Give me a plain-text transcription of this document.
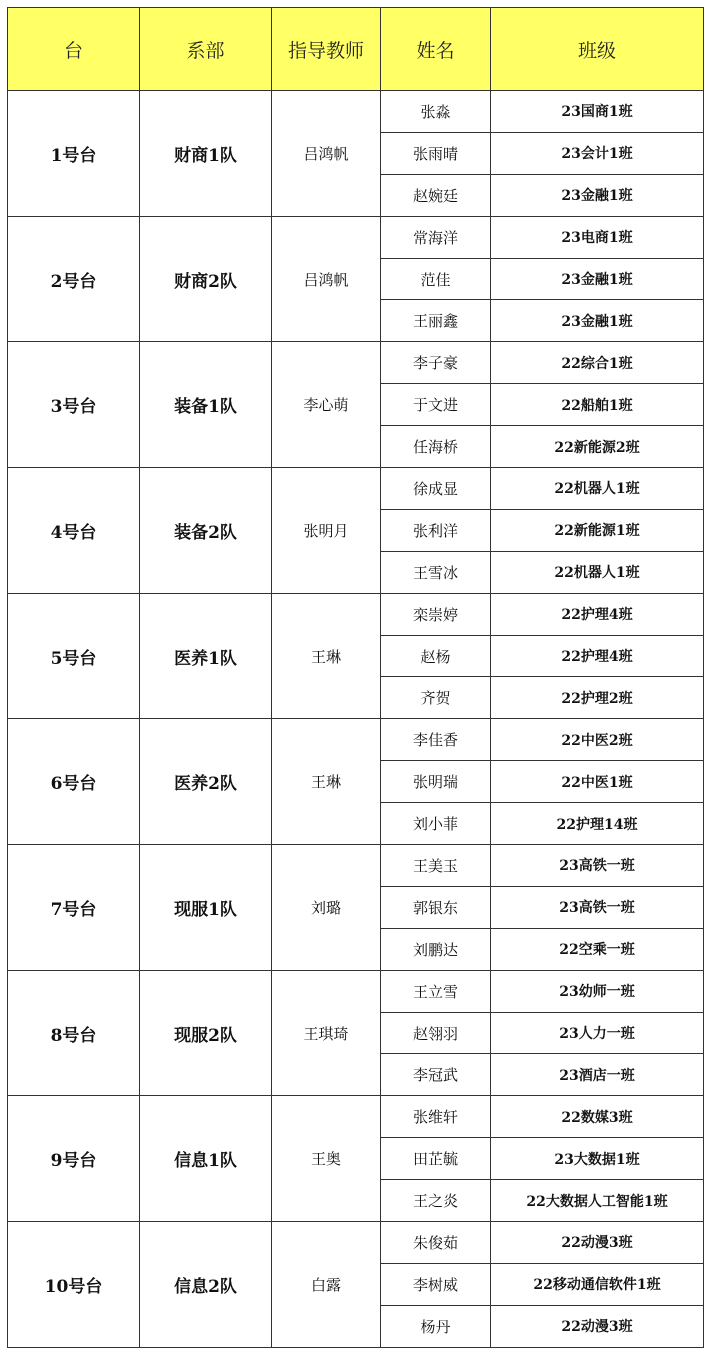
台	系部	指导教师	姓名	班级
1号台	财商1队	吕鸿帆	张淼	23国商1班
			张雨晴	23会计1班
			赵婉廷	23金融1班
2号台	财商2队	吕鸿帆	常海洋	23电商1班
			范佳	23金融1班
			王丽鑫	23金融1班
3号台	装备1队	李心萌	李子豪	22综合1班
			于文进	22船舶1班
			任海桥	22新能源2班
4号台	装备2队	张明月	徐成显	22机器人1班
			张利洋	22新能源1班
			王雪冰	22机器人1班
5号台	医养1队	王琳	栾崇婷	22护理4班
			赵杨	22护理4班
			齐贺	22护理2班
6号台	医养2队	王琳	李佳香	22中医2班
			张明瑞	22中医1班
			刘小菲	22护理14班
7号台	现服1队	刘璐	王美玉	23高铁一班
			郭银东	23高铁一班
			刘鹏达	22空乘一班
8号台	现服2队	王琪琦	王立雪	23幼师一班
			赵翎羽	23人力一班
			李冠武	23酒店一班
9号台	信息1队	王奥	张维轩	22数媒3班
			田芷毓	23大数据1班
			王之炎	22大数据人工智能1班
10号台	信息2队	白露	朱俊茹	22动漫3班
			李树威	22移动通信软件1班
			杨丹	22动漫3班
